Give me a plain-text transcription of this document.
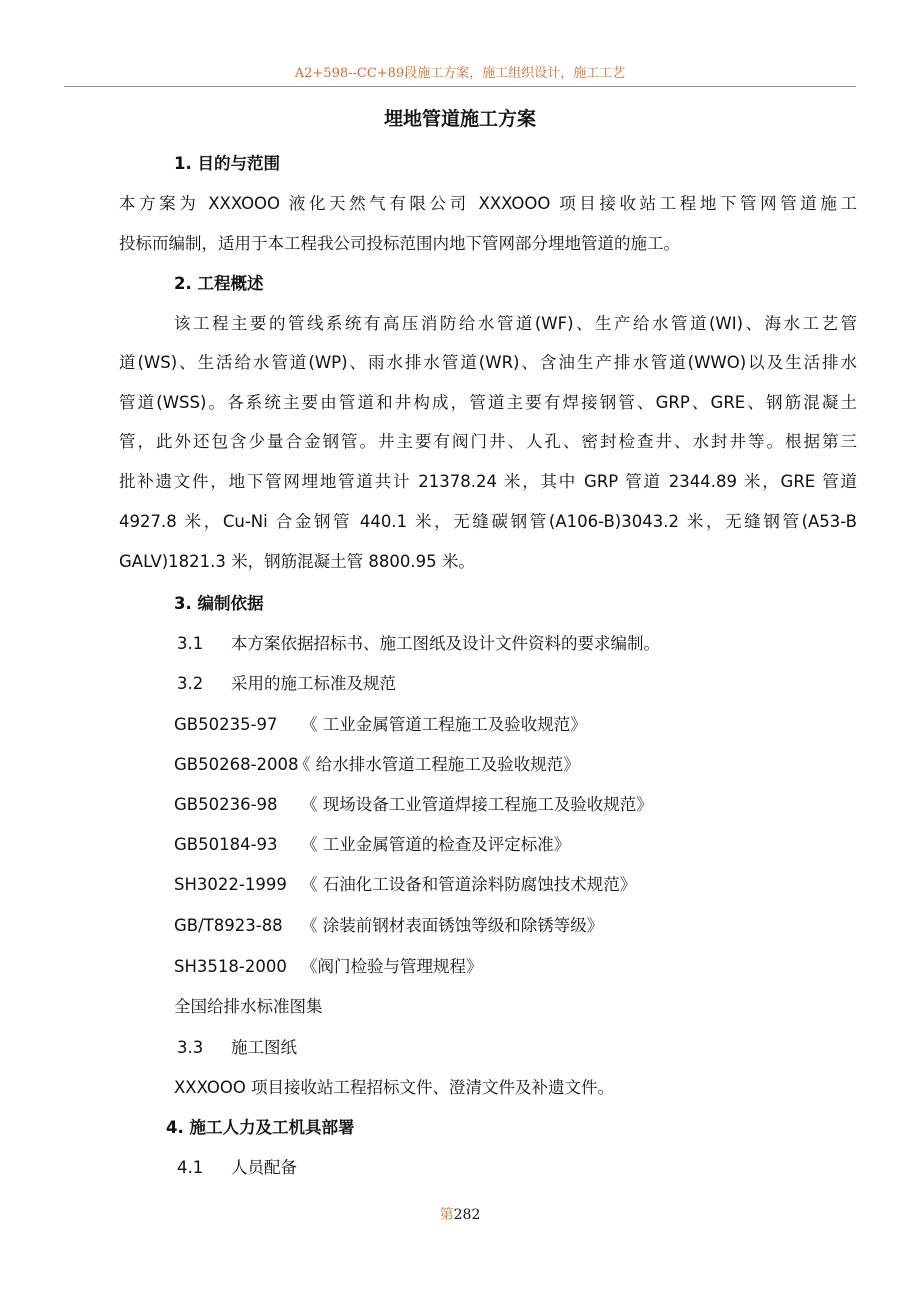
A2+598--CC+89段施工方案，施工组织设计，施工工艺
埋地管道施工方案
1. 目的与范围
本方案为 XXXOOO 液化天然气有限公司 XXXOOO 项目接收站工程地下管网管道施工
投标而编制，适用于本工程我公司投标范围内地下管网部分埋地管道的施工。
2. 工程概述
该工程主要的管线系统有高压消防给水管道(WF)、生产给水管道(WI)、海水工艺管
道(WS)、生活给水管道(WP)、雨水排水管道(WR)、含油生产排水管道(WWO)以及生活排水
管道(WSS)。各系统主要由管道和井构成，管道主要有焊接钢管、GRP、GRE、钢筋混凝土
管，此外还包含少量合金钢管。井主要有阀门井、人孔、密封检查井、水封井等。根据第三
批补遗文件，地下管网埋地管道共计 21378.24 米，其中 GRP 管道 2344.89 米，GRE 管道
4927.8 米，Cu-Ni 合金钢管 440.1 米，无缝碳钢管(A106-B)3043.2 米，无缝钢管(A53-B
GALV)1821.3 米，钢筋混凝土管 8800.95 米。
3. 编制依据
3.1 本方案依据招标书、施工图纸及设计文件资料的要求编制。
3.2 采用的施工标准及规范
GB50235-97 《 工业金属管道工程施工及验收规范》
GB50268-2008《 给水排水管道工程施工及验收规范》
GB50236-98 《 现场设备工业管道焊接工程施工及验收规范》
GB50184-93 《 工业金属管道的检查及评定标准》
SH3022-1999 《 石油化工设备和管道涂料防腐蚀技术规范》
GB/T8923-88 《 涂装前钢材表面锈蚀等级和除锈等级》
SH3518-2000 《阀门检验与管理规程》
全国给排水标准图集
3.3 施工图纸
XXXOOO 项目接收站工程招标文件、澄清文件及补遗文件。
4. 施工人力及工机具部署
4.1 人员配备
第282
